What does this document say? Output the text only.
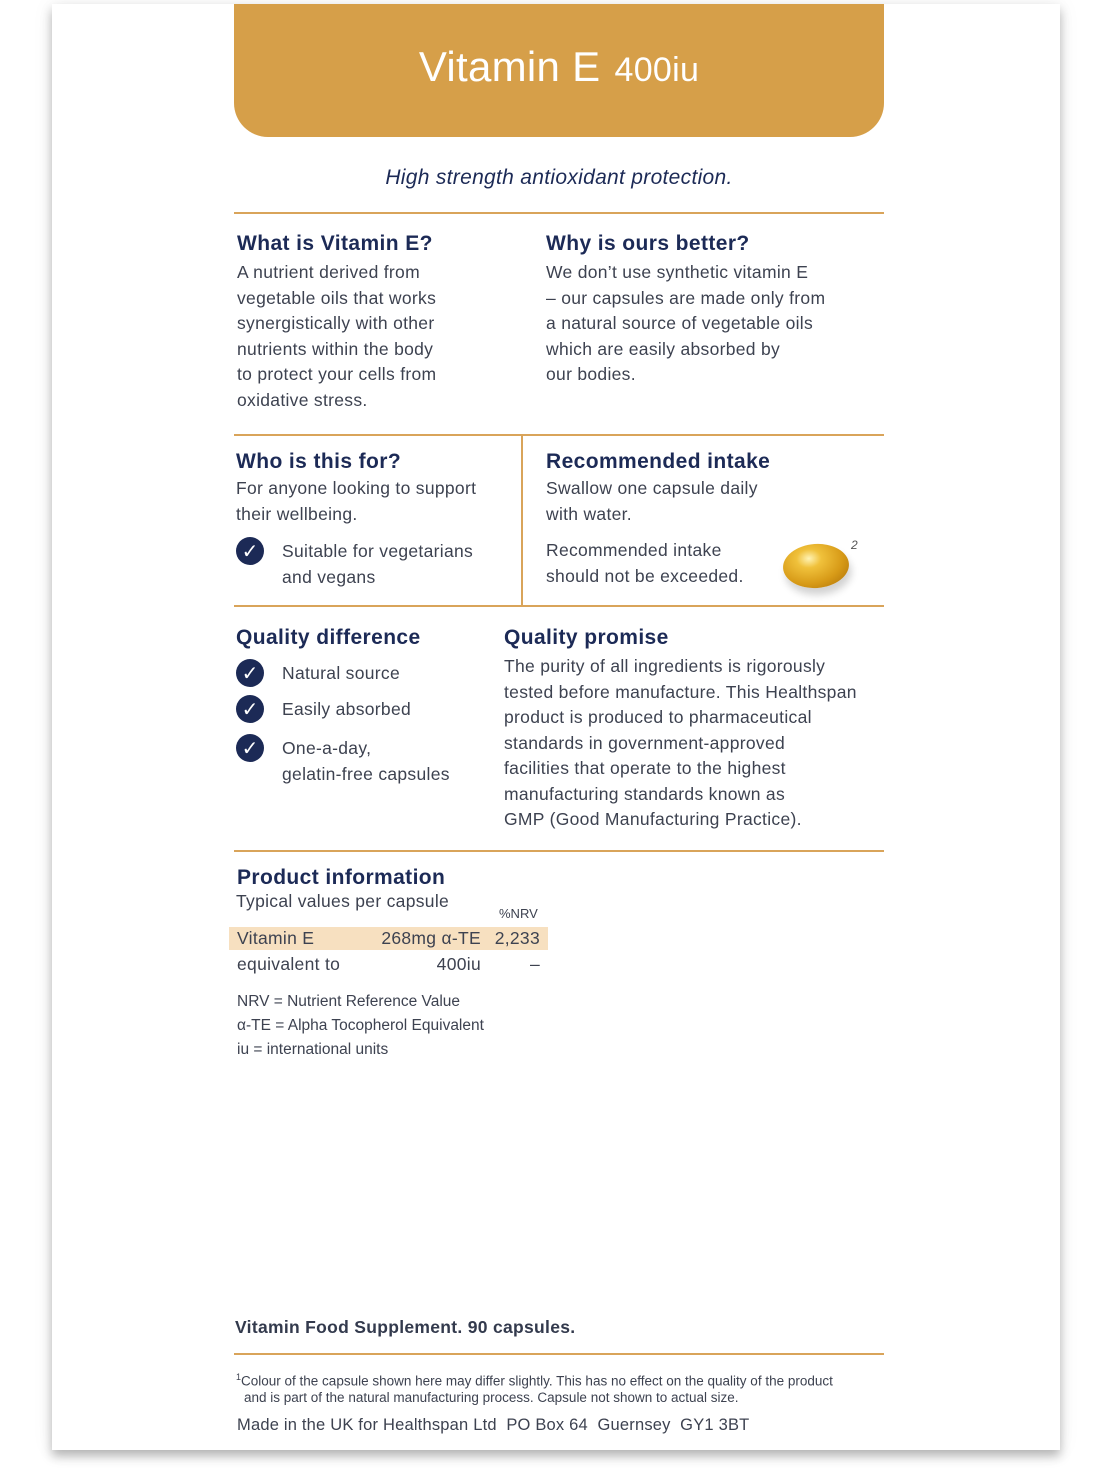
Vitamin E 400iu
High strength antioxidant protection.
What is Vitamin E?
A nutrient derived from
vegetable oils that works
synergistically with other
nutrients within the body
to protect your cells from
oxidative stress.
Why is ours better?
We don’t use synthetic vitamin E
– our capsules are made only from
a natural source of vegetable oils
which are easily absorbed by
our bodies.
Who is this for?
For anyone looking to support
their wellbeing.
✓	Suitable for vegetarians
and vegans
Recommended intake
Swallow one capsule daily
with water.
Recommended intake
should not be exceeded.
2
Quality difference
✓	Natural source
✓	Easily absorbed
✓	One-a-day,
gelatin-free capsules
Quality promise
The purity of all ingredients is rigorously
tested before manufacture. This Healthspan
product is produced to pharmaceutical
standards in government-approved
facilities that operate to the highest
manufacturing standards known as
GMP (Good Manufacturing Practice).
Product information
Typical values per capsule
%NRV
Vitamin E	268mg α-TE 2,233
equivalent to	400iu	–
NRV = Nutrient Reference Value
α-TE = Alpha Tocopherol Equivalent
iu = international units
Vitamin Food Supplement. 90 capsules.
$^1$Colour of the capsule shown here may differ slightly. This has no effect on the quality of the product
and is part of the natural manufacturing process. Capsule not shown to actual size.
Made in the UK for Healthspan Ltd  PO Box 64  Guernsey  GY1 3BT
